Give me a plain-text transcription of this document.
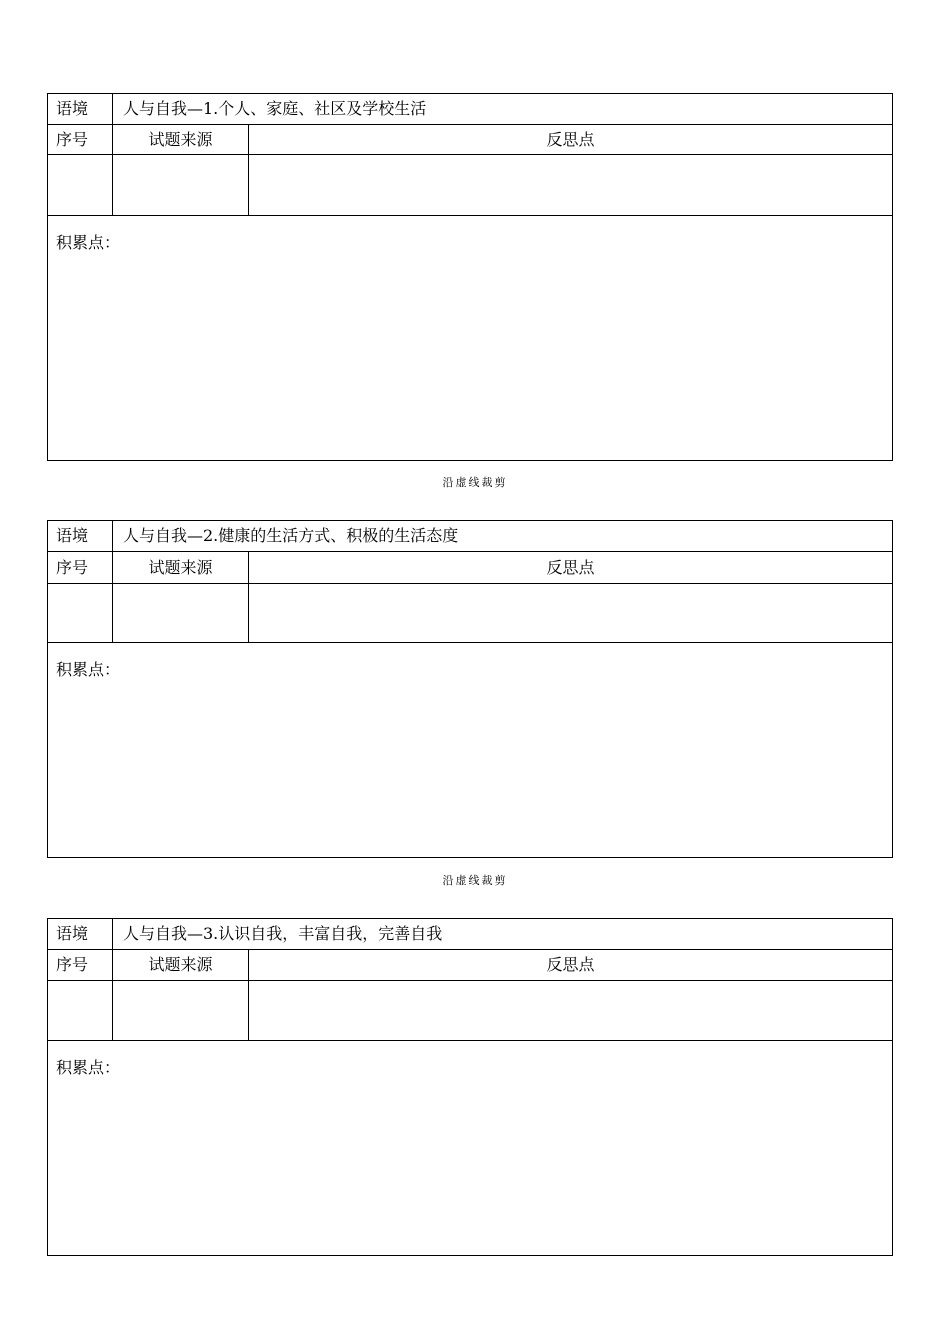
语境	人与自我—1.个人、家庭、社区及学校生活
序号	试题来源	反思点
积累点：
沿虚线裁剪
语境	人与自我—2.健康的生活方式、积极的生活态度
序号	试题来源	反思点
积累点：
沿虚线裁剪
语境	人与自我—3.认识自我，丰富自我，完善自我
序号	试题来源	反思点
积累点：
